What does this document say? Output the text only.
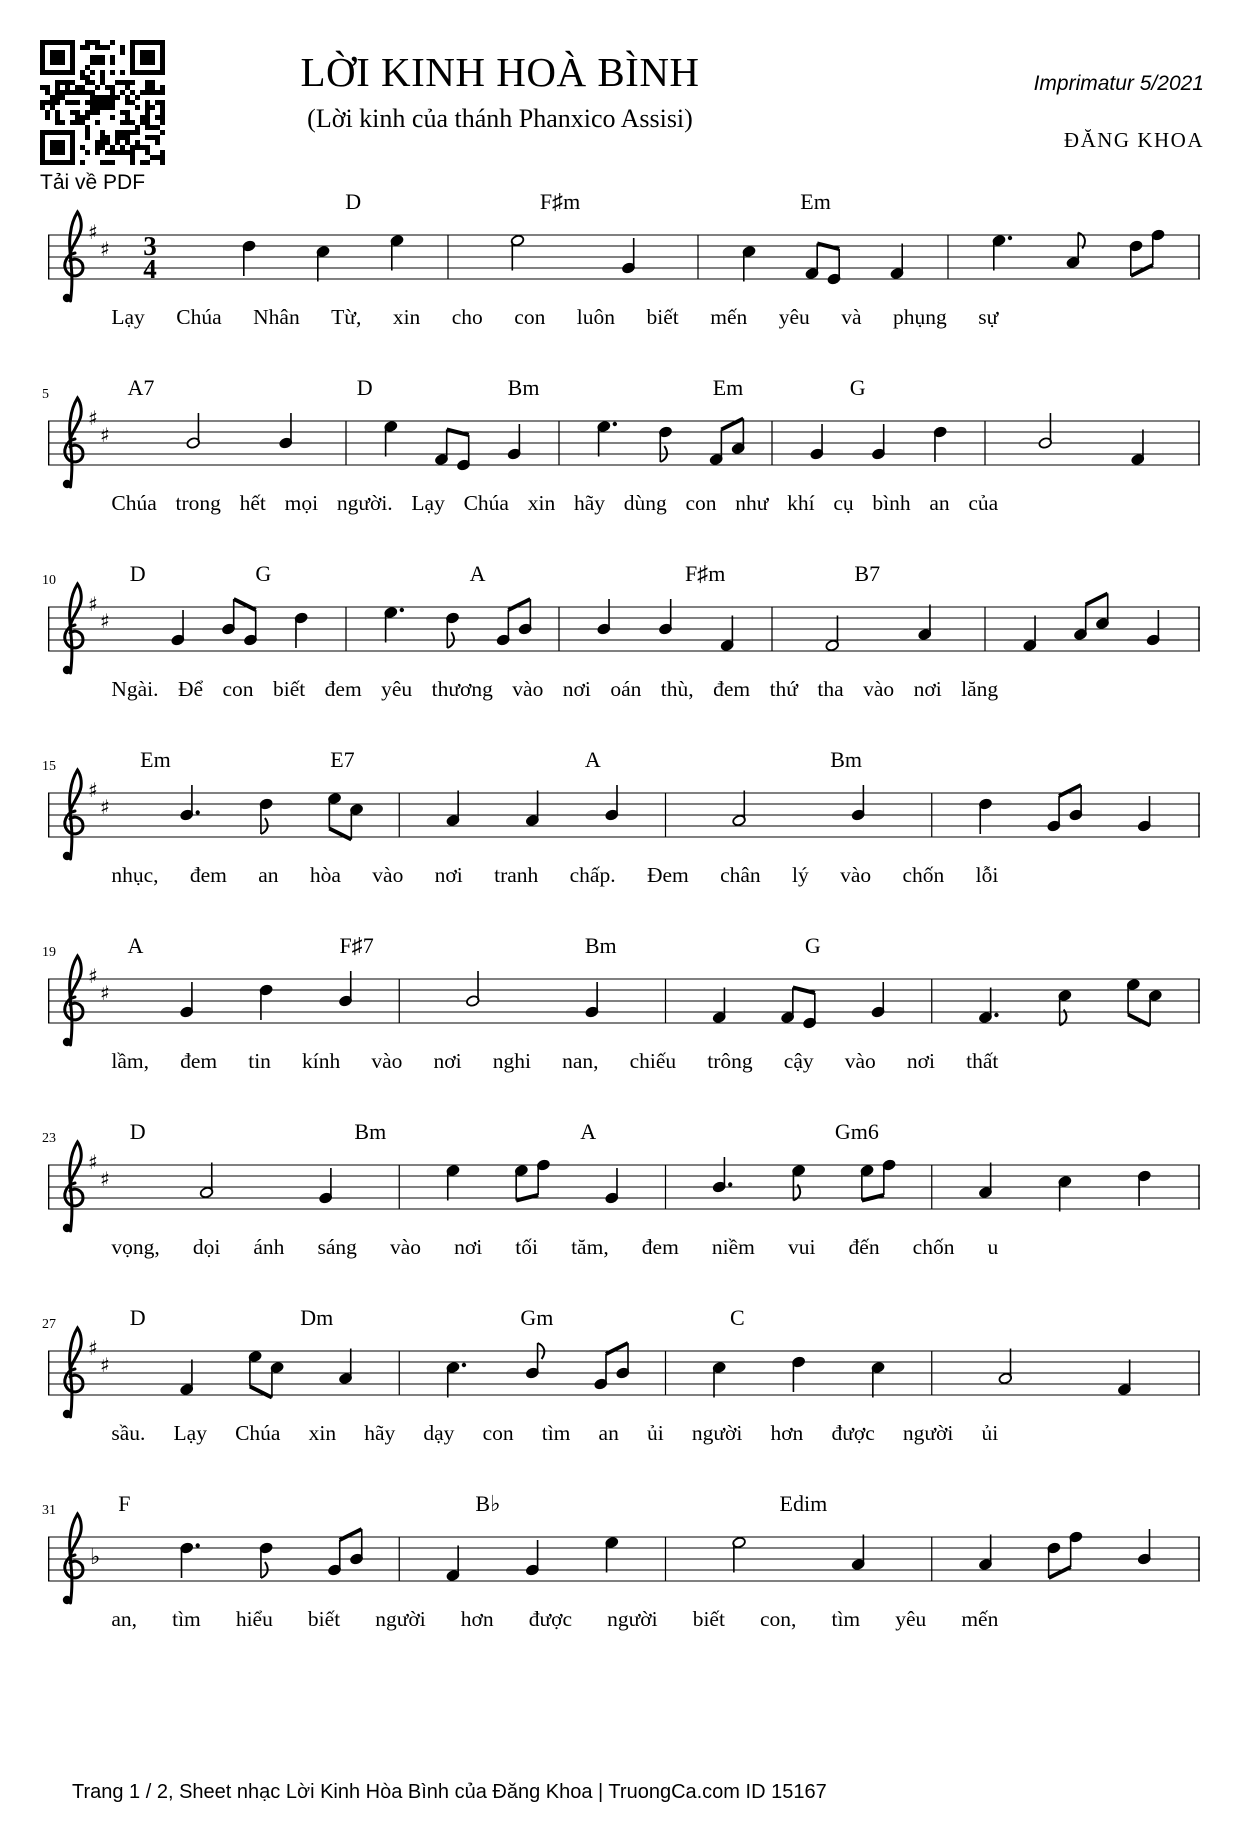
Tải về PDF
LỜI KINH HOÀ BÌNH
(Lời kinh của thánh Phanxico Assisi)
Imprimatur 5/2021
ĐĂNG KHOA
D	F♯m	Em
♯
♯ 3
4
Lạy Chúa Nhân Từ, xin cho con luôn biết mến yêu và phụng sự
5	A7	D	Bm	Em	G
♯
♯
Chúa trong hết mọi người. Lạy Chúa xin hãy dùng con như khí cụ bình an của
10	D	G	A	F♯m	B7
♯
♯
Ngài. Để con biết đem yêu thương vào nơi oán thù, đem thứ tha vào nơi lăng
15	Em	E7	A	Bm
♯
♯
nhục, đem an hòa vào nơi tranh chấp. Đem chân lý vào chốn lỗi
19	A	F♯7	Bm	G
♯
♯
lầm, đem tin kính vào nơi nghi nan, chiếu trông cậy vào nơi thất
23	D	Bm	A	Gm6
♯
♯
vọng, dọi ánh sáng vào nơi tối tăm, đem niềm vui đến chốn u
27	D	Dm	Gm	C
♯
♯
sầu. Lạy Chúa xin hãy dạy con tìm an ủi người hơn được người ủi
31	F	B♭	Edim
♭
an, tìm hiểu biết người hơn được người biết con, tìm yêu mến
Trang 1 / 2, Sheet nhạc Lời Kinh Hòa Bình của Đăng Khoa | TruongCa.com ID 15167
